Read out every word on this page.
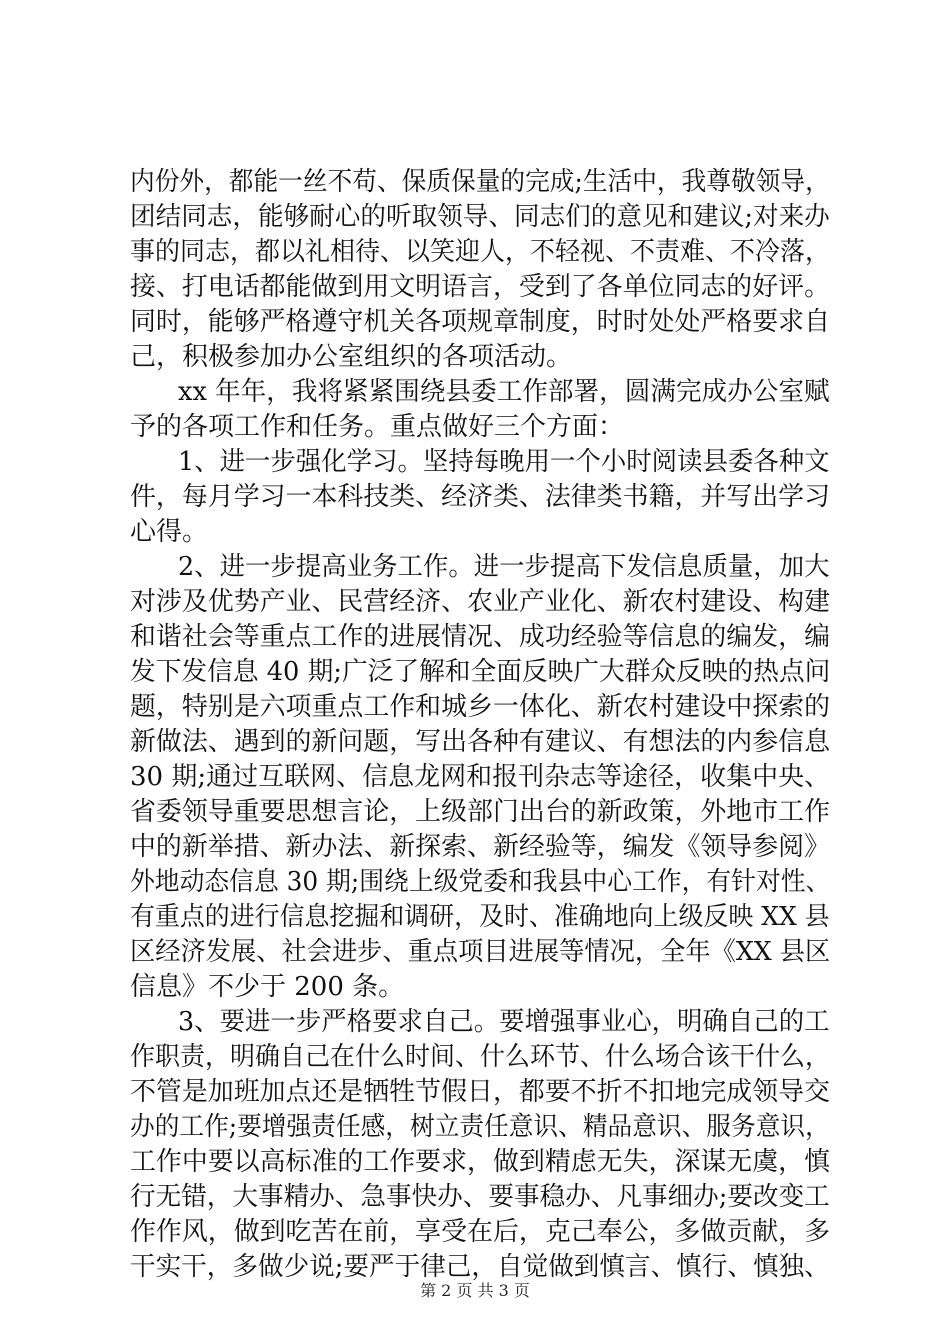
内份外，都能一丝不苟、保质保量的完成;生活中，我尊敬领导，
团结同志，能够耐心的听取领导、同志们的意见和建议;对来办
事的同志，都以礼相待、以笑迎人，不轻视、不责难、不冷落，
接、打电话都能做到用文明语言，受到了各单位同志的好评。
同时，能够严格遵守机关各项规章制度，时时处处严格要求自
己，积极参加办公室组织的各项活动。
xx 年年，我将紧紧围绕县委工作部署，圆满完成办公室赋
予的各项工作和任务。重点做好三个方面：
1、进一步强化学习。坚持每晚用一个小时阅读县委各种文
件，每月学习一本科技类、经济类、法律类书籍，并写出学习
心得。
2、进一步提高业务工作。进一步提高下发信息质量，加大
对涉及优势产业、民营经济、农业产业化、新农村建设、构建
和谐社会等重点工作的进展情况、成功经验等信息的编发，编
发下发信息 40 期;广泛了解和全面反映广大群众反映的热点问
题，特别是六项重点工作和城乡一体化、新农村建设中探索的
新做法、遇到的新问题，写出各种有建议、有想法的内参信息
30 期;通过互联网、信息龙网和报刊杂志等途径，收集中央、
省委领导重要思想言论，上级部门出台的新政策，外地市工作
中的新举措、新办法、新探索、新经验等，编发《领导参阅》
外地动态信息 30 期;围绕上级党委和我县中心工作，有针对性、
有重点的进行信息挖掘和调研，及时、准确地向上级反映 XX 县
区经济发展、社会进步、重点项目进展等情况，全年《XX 县区
信息》不少于 200 条。
3、要进一步严格要求自己。要增强事业心，明确自己的工
作职责，明确自己在什么时间、什么环节、什么场合该干什么，
不管是加班加点还是牺牲节假日，都要不折不扣地完成领导交
办的工作;要增强责任感，树立责任意识、精品意识、服务意识，
工作中要以高标准的工作要求，做到精虑无失，深谋无虞，慎
行无错，大事精办、急事快办、要事稳办、凡事细办;要改变工
作作风，做到吃苦在前，享受在后，克己奉公，多做贡献，多
干实干，多做少说;要严于律己，自觉做到慎言、慎行、慎独、
第 2 页 共 3 页
